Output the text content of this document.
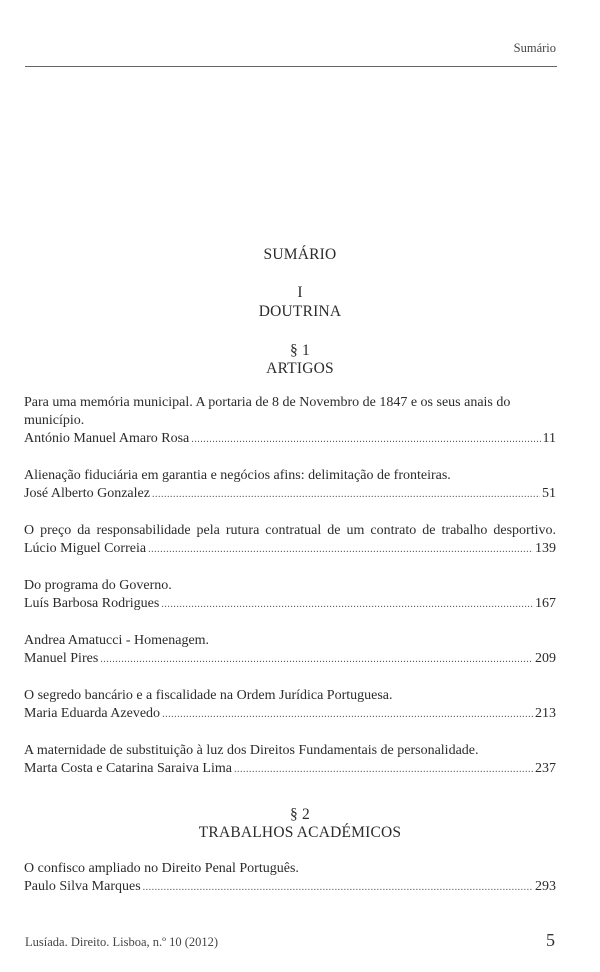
Sumário
SUMÁRIO
I
DOUTRINA
§ 1
ARTIGOS
Para uma memória municipal. A portaria de 8 de Novembro de 1847 e os seus anais do município.
António Manuel Amaro Rosa .....	11
Alienação fiduciária em garantia e negócios afins: delimitação de fronteiras.
José Alberto Gonzalez .....	51
O preço da responsabilidade pela rutura contratual de um contrato de trabalho desportivo.
Lúcio Miguel Correia .....	139
Do programa do Governo.
Luís Barbosa Rodrigues .....	167
Andrea Amatucci - Homenagem.
Manuel Pires .....	209
O segredo bancário e a fiscalidade na Ordem Jurídica Portuguesa.
Maria Eduarda Azevedo .....	213
A maternidade de substituição à luz dos Direitos Fundamentais de personalidade.
Marta Costa e Catarina Saraiva Lima .....	237
§ 2
TRABALHOS ACADÉMICOS
O confisco ampliado no Direito Penal Português.
Paulo Silva Marques .....	293
Lusíada. Direito. Lisboa, n.º 10 (2012)	5
